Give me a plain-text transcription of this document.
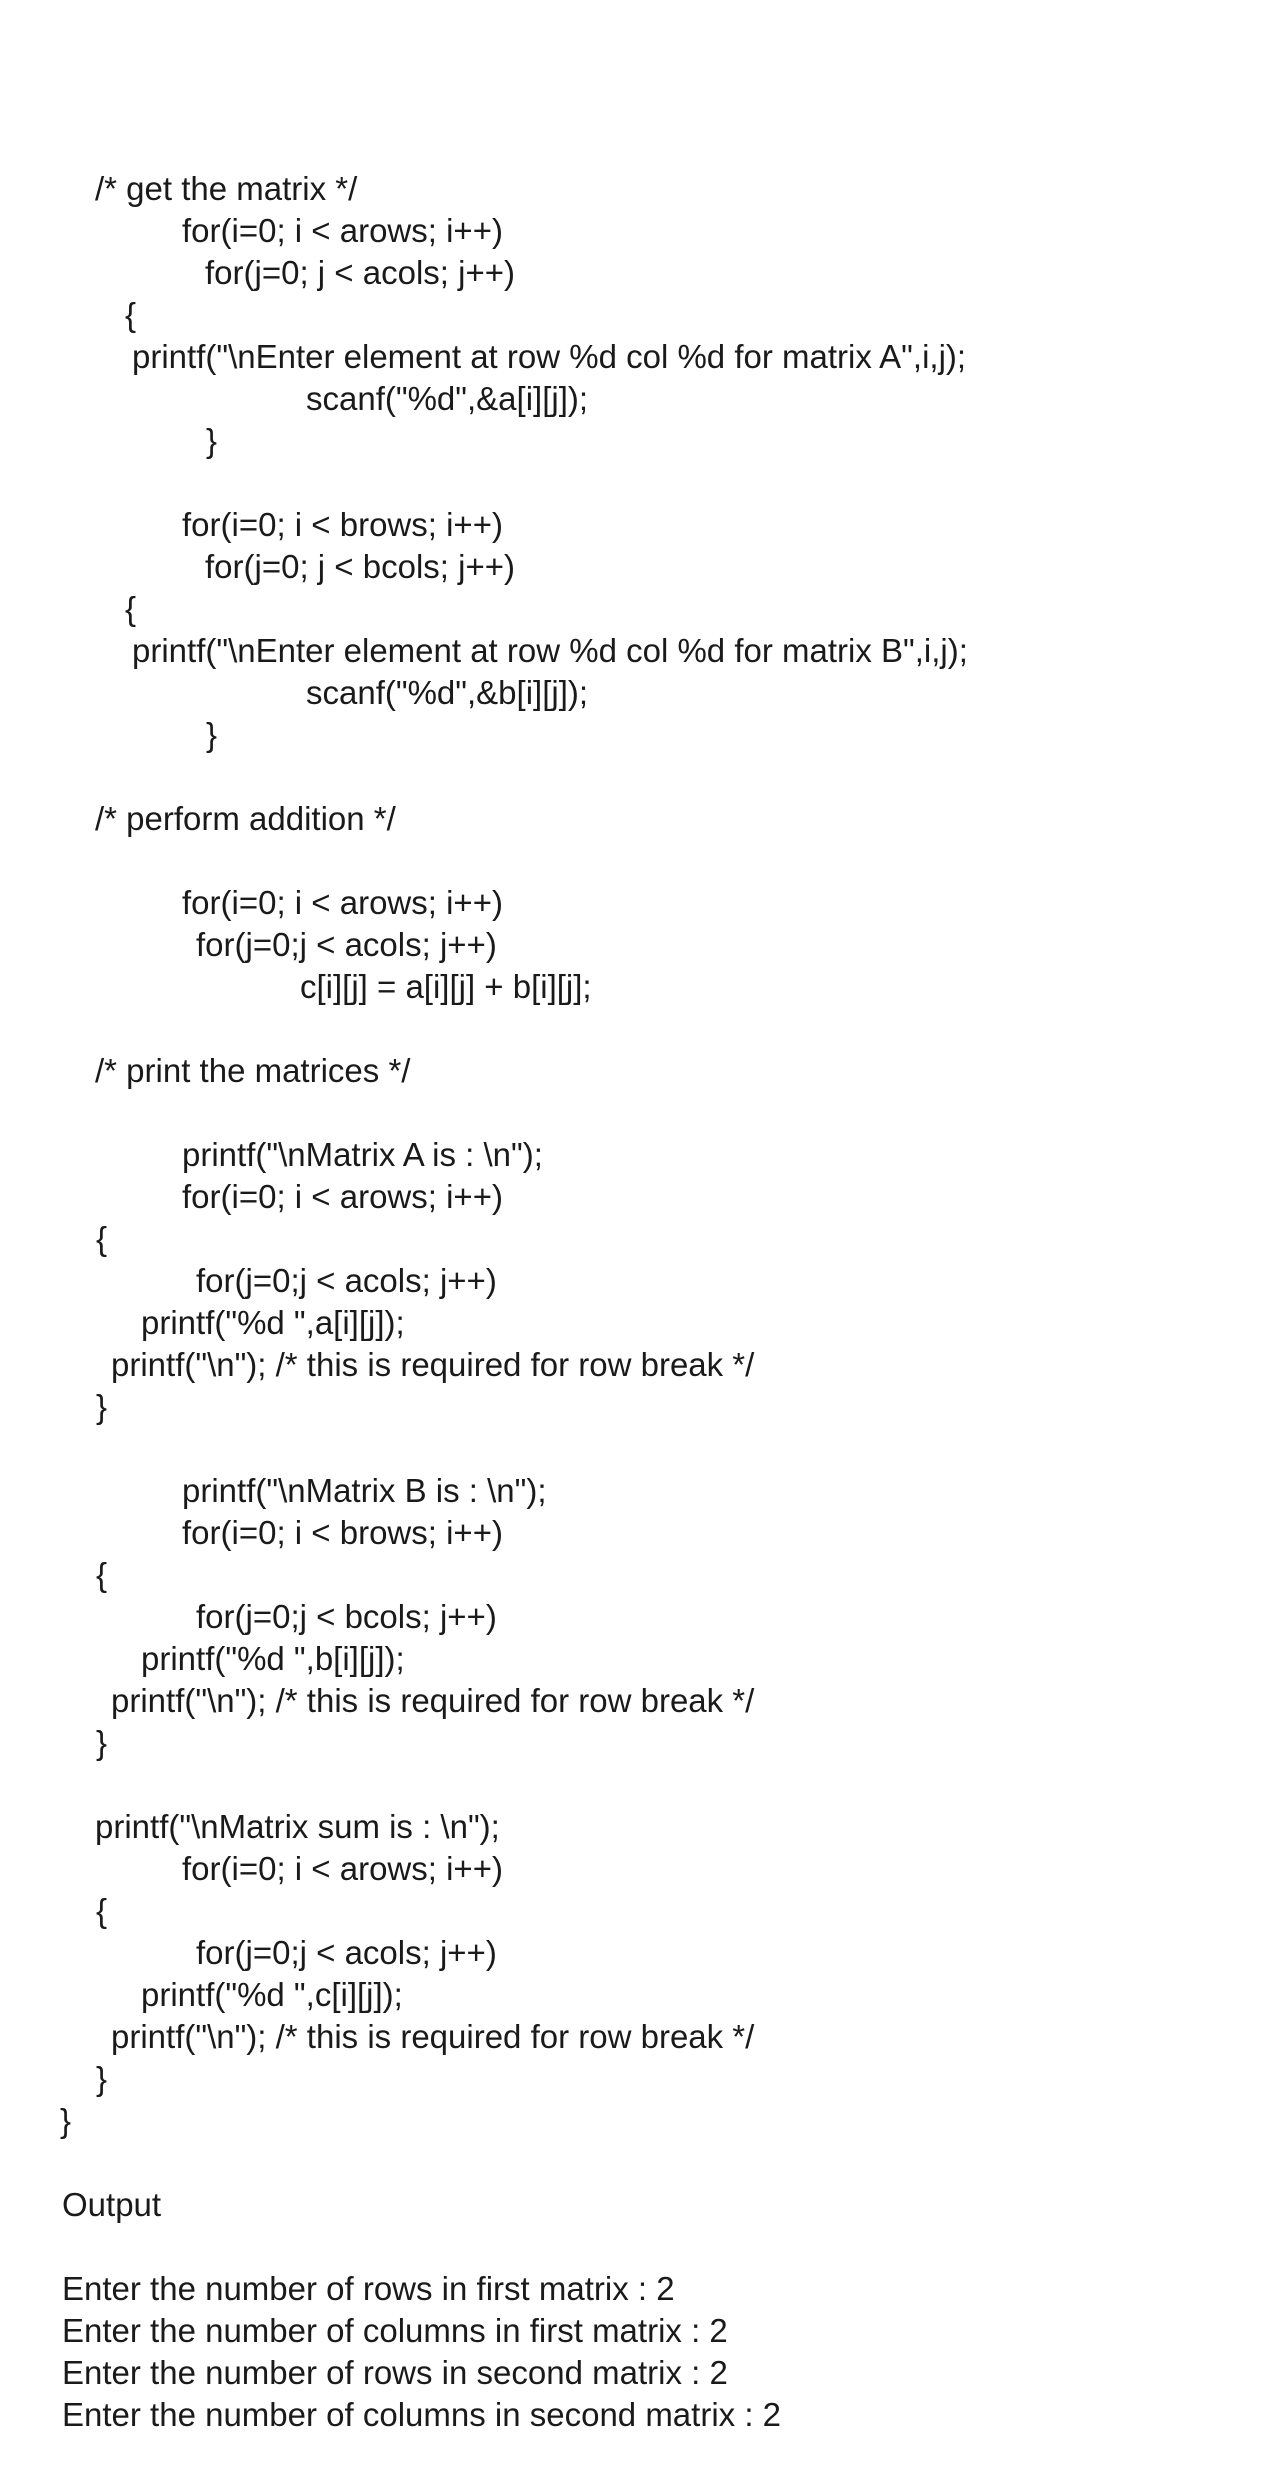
/* get the matrix */
for(i=0; i < arows; i++)
for(j=0; j < acols; j++)
{
printf("\nEnter element at row %d col %d for matrix A",i,j);
scanf("%d",&a[i][j]);
}
for(i=0; i < brows; i++)
for(j=0; j < bcols; j++)
{
printf("\nEnter element at row %d col %d for matrix B",i,j);
scanf("%d",&b[i][j]);
}
/* perform addition */
for(i=0; i < arows; i++)
for(j=0;j < acols; j++)
c[i][j] = a[i][j] + b[i][j];
/* print the matrices */
printf("\nMatrix A is : \n");
for(i=0; i < arows; i++)
{
for(j=0;j < acols; j++)
printf("%d ",a[i][j]);
printf("\n"); /* this is required for row break */
}
printf("\nMatrix B is : \n");
for(i=0; i < brows; i++)
{
for(j=0;j < bcols; j++)
printf("%d ",b[i][j]);
printf("\n"); /* this is required for row break */
}
printf("\nMatrix sum is : \n");
for(i=0; i < arows; i++)
{
for(j=0;j < acols; j++)
printf("%d ",c[i][j]);
printf("\n"); /* this is required for row break */
}
}
Output
Enter the number of rows in first matrix : 2
Enter the number of columns in first matrix : 2
Enter the number of rows in second matrix : 2
Enter the number of columns in second matrix : 2
